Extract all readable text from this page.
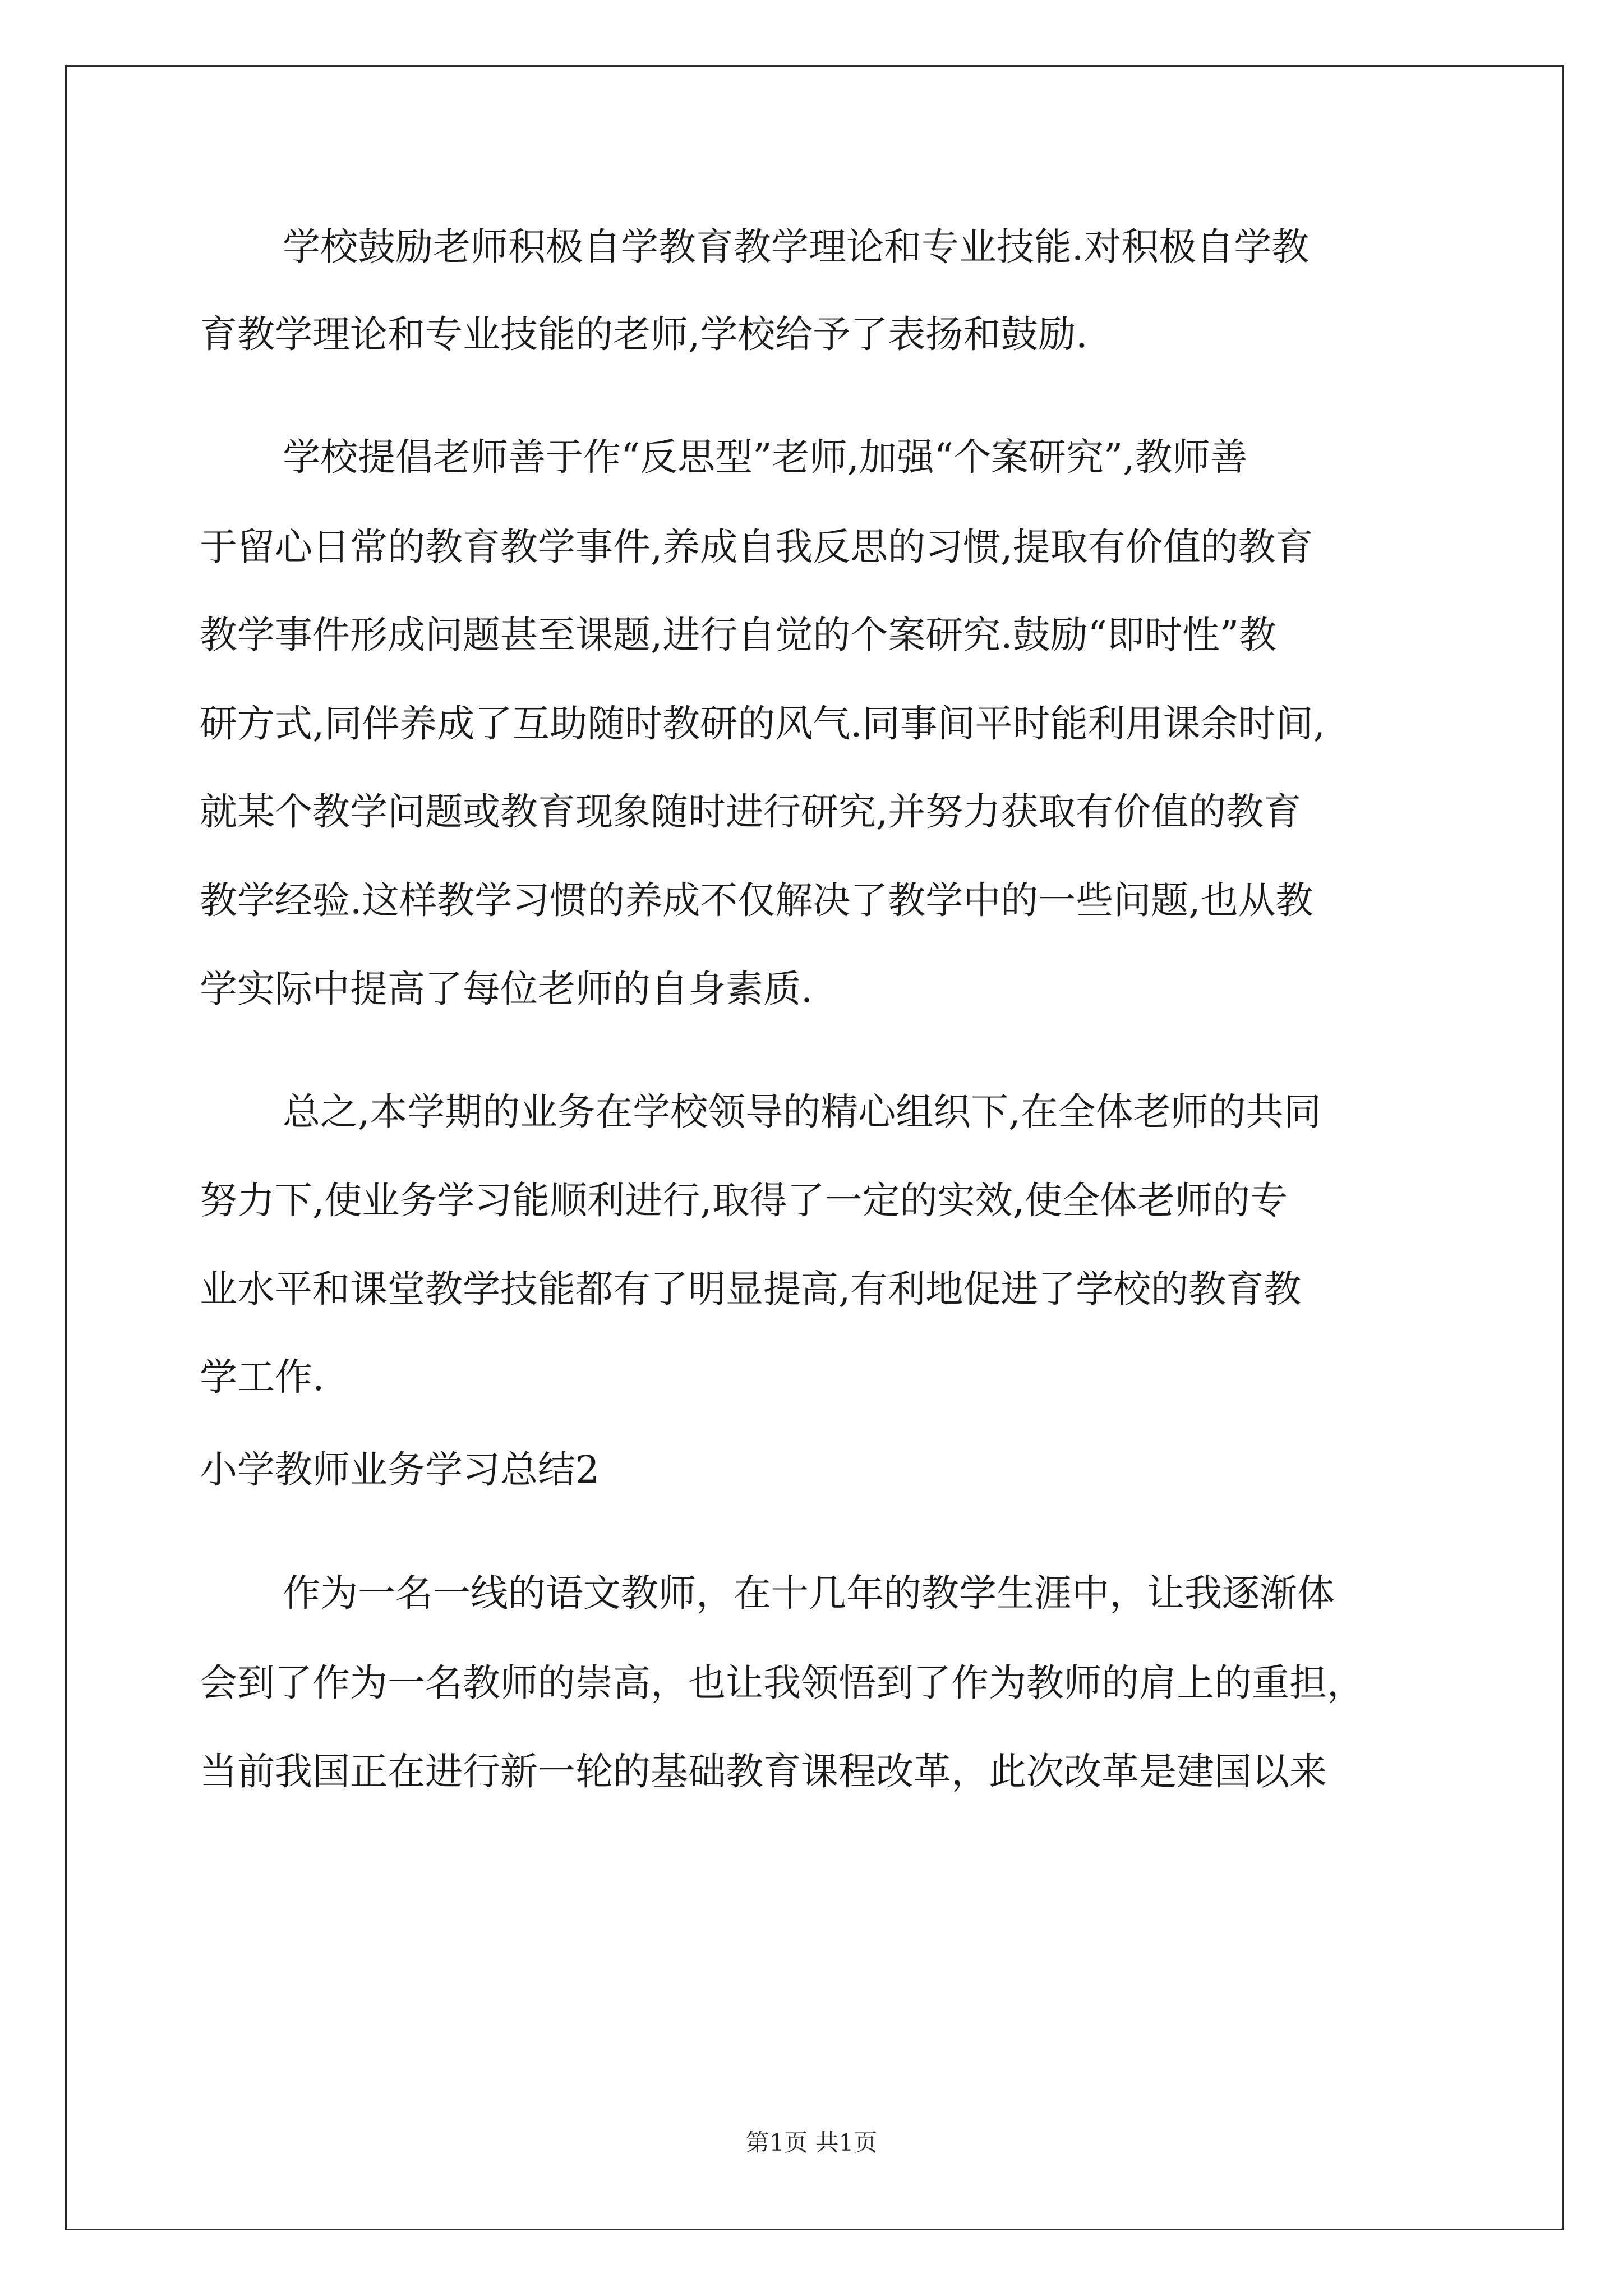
学校鼓励老师积极自学教育教学理论和专业技能.对积极自学教
育教学理论和专业技能的老师,学校给予了表扬和鼓励.
学校提倡老师善于作“反思型”老师,加强“个案研究”,教师善
于留心日常的教育教学事件,养成自我反思的习惯,提取有价值的教育
教学事件形成问题甚至课题,进行自觉的个案研究.鼓励“即时性”教
研方式,同伴养成了互助随时教研的风气.同事间平时能利用课余时间,
就某个教学问题或教育现象随时进行研究,并努力获取有价值的教育
教学经验.这样教学习惯的养成不仅解决了教学中的一些问题,也从教
学实际中提高了每位老师的自身素质.
总之,本学期的业务在学校领导的精心组织下,在全体老师的共同
努力下,使业务学习能顺利进行,取得了一定的实效,使全体老师的专
业水平和课堂教学技能都有了明显提高,有利地促进了学校的教育教
学工作.
小学教师业务学习总结2
作为一名一线的语文教师，在十几年的教学生涯中，让我逐渐体
会到了作为一名教师的崇高，也让我领悟到了作为教师的肩上的重担，
当前我国正在进行新一轮的基础教育课程改革，此次改革是建国以来
第1页 共1页
